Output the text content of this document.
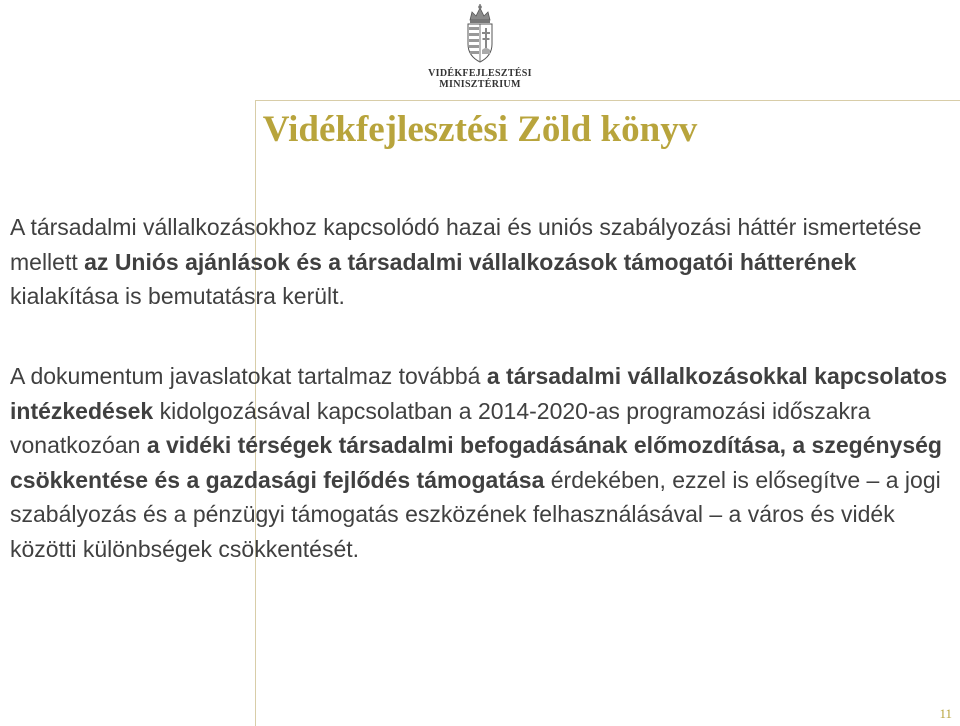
VIDÉKFEJLESZTÉSI
MINISZTÉRIUM
Vidékfejlesztési Zöld könyv

A társadalmi vállalkozásokhoz kapcsolódó hazai és uniós szabályozási háttér ismertetése mellett az Uniós ajánlások és a társadalmi vállalkozások támogatói hátterének kialakítása is bemutatásra került.

A dokumentum javaslatokat tartalmaz továbbá a társadalmi vállalkozásokkal kapcsolatos intézkedések kidolgozásával kapcsolatban a 2014-2020-as programozási időszakra vonatkozóan a vidéki térségek társadalmi befogadásának előmozdítása, a szegénység csökkentése és a gazdasági fejlődés támogatása érdekében, ezzel is elősegítve – a jogi szabályozás és a pénzügyi támogatás eszközének felhasználásával – a város és vidék közötti különbségek csökkentését.

11
